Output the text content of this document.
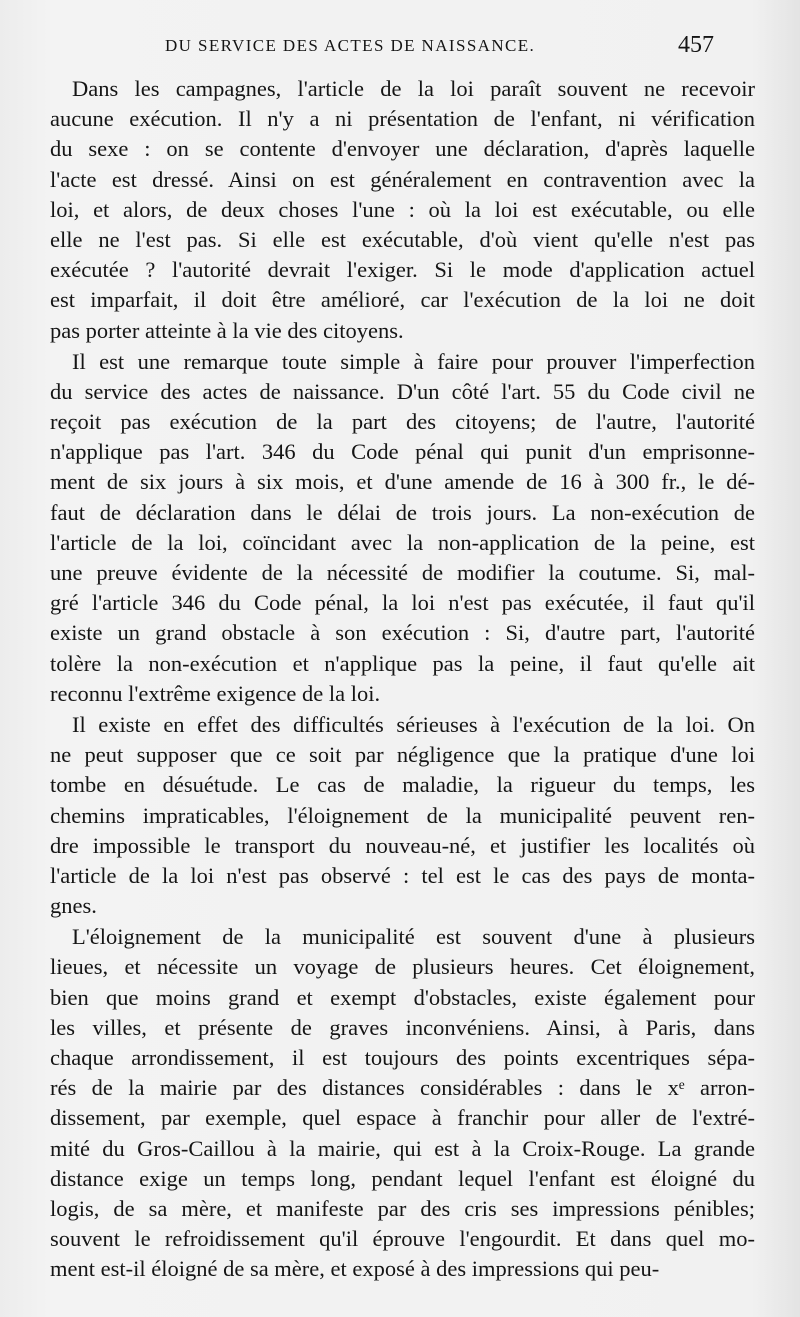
DU SERVICE DES ACTES DE NAISSANCE.	457
Dans les campagnes, l'article de la loi paraît souvent ne recevoir
aucune exécution. Il n'y a ni présentation de l'enfant, ni vérification
du sexe : on se contente d'envoyer une déclaration, d'après laquelle
l'acte est dressé. Ainsi on est généralement en contravention avec la
loi, et alors, de deux choses l'une : où la loi est exécutable, ou elle
elle ne l'est pas. Si elle est exécutable, d'où vient qu'elle n'est pas
exécutée ? l'autorité devrait l'exiger. Si le mode d'application actuel
est imparfait, il doit être amélioré, car l'exécution de la loi ne doit
pas porter atteinte à la vie des citoyens.
Il est une remarque toute simple à faire pour prouver l'imperfection
du service des actes de naissance. D'un côté l'art. 55 du Code civil ne
reçoit pas exécution de la part des citoyens; de l'autre, l'autorité
n'applique pas l'art. 346 du Code pénal qui punit d'un emprisonne-
ment de six jours à six mois, et d'une amende de 16 à 300 fr., le dé-
faut de déclaration dans le délai de trois jours. La non-exécution de
l'article de la loi, coïncidant avec la non-application de la peine, est
une preuve évidente de la nécessité de modifier la coutume. Si, mal-
gré l'article 346 du Code pénal, la loi n'est pas exécutée, il faut qu'il
existe un grand obstacle à son exécution : Si, d'autre part, l'autorité
tolère la non-exécution et n'applique pas la peine, il faut qu'elle ait
reconnu l'extrême exigence de la loi.
Il existe en effet des difficultés sérieuses à l'exécution de la loi. On
ne peut supposer que ce soit par négligence que la pratique d'une loi
tombe en désuétude. Le cas de maladie, la rigueur du temps, les
chemins impraticables, l'éloignement de la municipalité peuvent ren-
dre impossible le transport du nouveau-né, et justifier les localités où
l'article de la loi n'est pas observé : tel est le cas des pays de monta-
gnes.
L'éloignement de la municipalité est souvent d'une à plusieurs
lieues, et nécessite un voyage de plusieurs heures. Cet éloignement,
bien que moins grand et exempt d'obstacles, existe également pour
les villes, et présente de graves inconvéniens. Ainsi, à Paris, dans
chaque arrondissement, il est toujours des points excentriques sépa-
rés de la mairie par des distances considérables : dans le xᵉ arron-
dissement, par exemple, quel espace à franchir pour aller de l'extré-
mité du Gros-Caillou à la mairie, qui est à la Croix-Rouge. La grande
distance exige un temps long, pendant lequel l'enfant est éloigné du
logis, de sa mère, et manifeste par des cris ses impressions pénibles;
souvent le refroidissement qu'il éprouve l'engourdit. Et dans quel mo-
ment est-il éloigné de sa mère, et exposé à des impressions qui peu-
